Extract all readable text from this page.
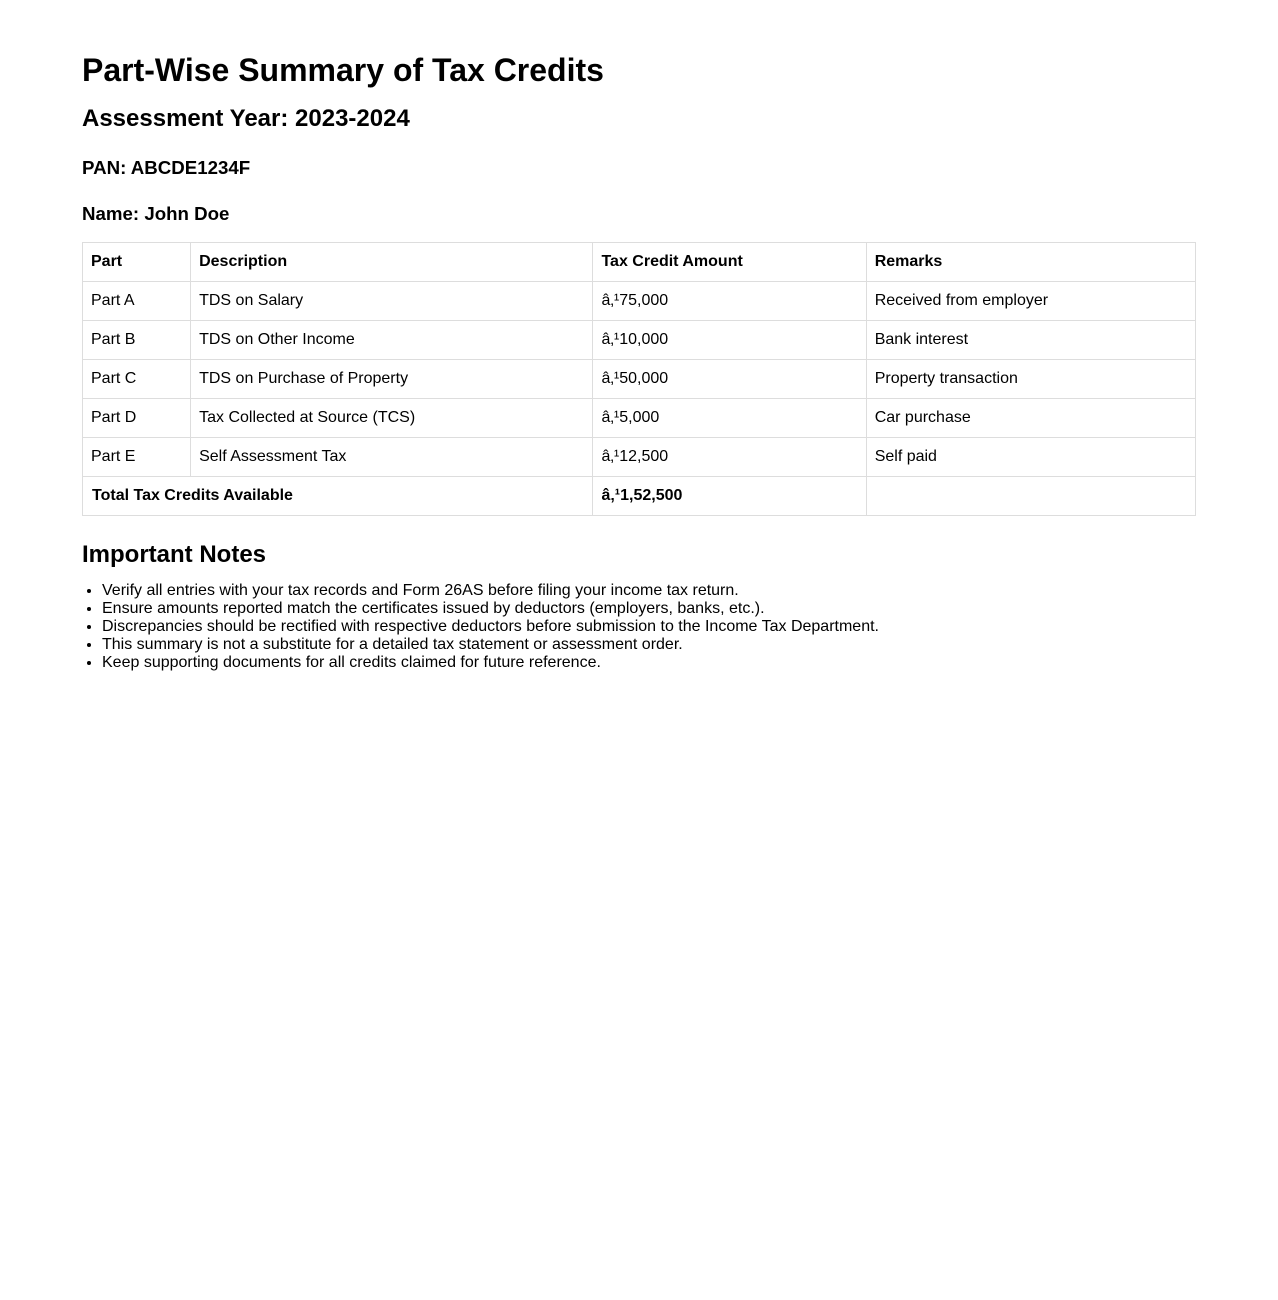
Part-Wise Summary of Tax Credits
Assessment Year: 2023-2024
PAN: ABCDE1234F
Name: John Doe
Part	Description	Tax Credit Amount	Remarks
Part A	TDS on Salary	â‚¹75,000	Received from employer
Part B	TDS on Other Income	â‚¹10,000	Bank interest
Part C	TDS on Purchase of Property	â‚¹50,000	Property transaction
Part D	Tax Collected at Source (TCS)	â‚¹5,000	Car purchase
Part E	Self Assessment Tax	â‚¹12,500	Self paid
Total Tax Credits Available		â‚¹1,52,500	
Important Notes
• Verify all entries with your tax records and Form 26AS before filing your income tax return.
• Ensure amounts reported match the certificates issued by deductors (employers, banks, etc.).
• Discrepancies should be rectified with respective deductors before submission to the Income Tax Department.
• This summary is not a substitute for a detailed tax statement or assessment order.
• Keep supporting documents for all credits claimed for future reference.
